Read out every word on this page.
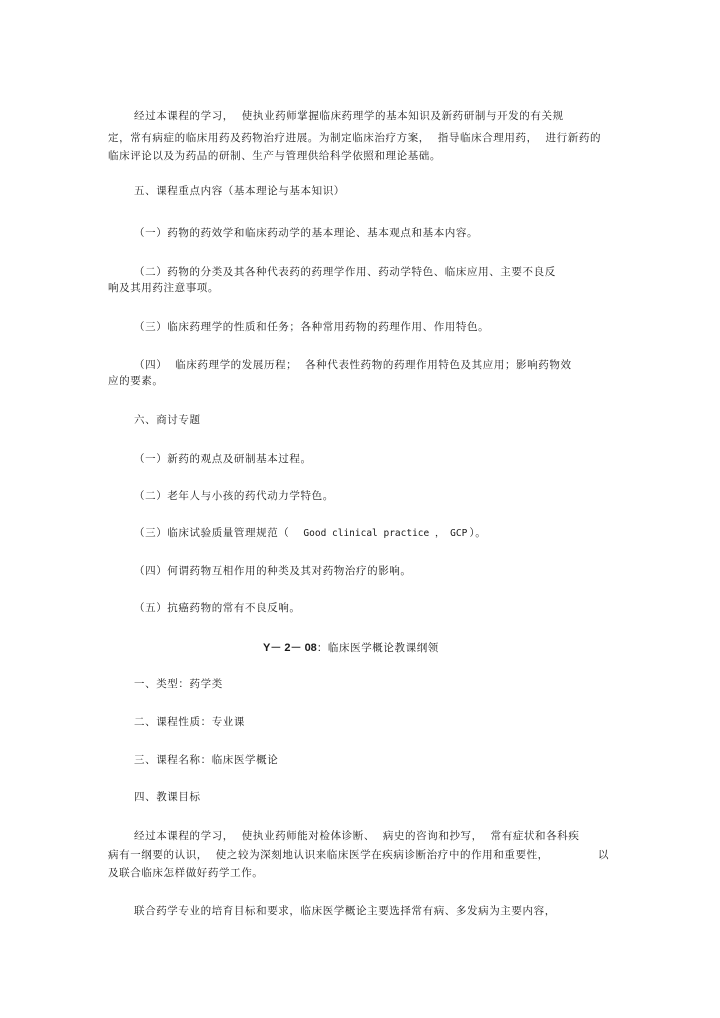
经过本课程的学习，  使执业药师掌握临床药理学的基本知识及新药研制与开发的有关规
定，常有病症的临床用药及药物治疗进展。为制定临床治疗方案，  指导临床合理用药，  进行新药的
临床评论以及为药品的研制、生产与管理供给科学依照和理论基础。
五、课程重点内容（基本理论与基本知识）
（一）药物的药效学和临床药动学的基本理论、基本观点和基本内容。
（二）药物的分类及其各种代表药的药理学作用、药动学特色、临床应用、主要不良反
响及其用药注意事项。
（三）临床药理学的性质和任务；各种常用药物的药理作用、作用特色。
（四）  临床药理学的发展历程；  各种代表性药物的药理作用特色及其应用；影响药物效
应的要素。
六、商讨专题
（一）新药的观点及研制基本过程。
（二）老年人与小孩的药代动力学特色。
（三）临床试验质量管理规范（ Good clinical practice ， GCP ）。
（四）何谓药物互相作用的种类及其对药物治疗的影响。
（五）抗癌药物的常有不良反响。
Y－ 2－ 08：临床医学概论教课纲领
一、类型：药学类
二、课程性质：专业课
三、课程名称：临床医学概论
四、教课目标
经过本课程的学习，  使执业药师能对检体诊断、  病史的咨询和抄写，  常有症状和各科疾
病有一纲要的认识，  使之较为深刻地认识来临床医学在疾病诊断治疗中的作用和重要性，	以
及联合临床怎样做好药学工作。
联合药学专业的培育目标和要求，临床医学概论主要选择常有病、多发病为主要内容，
